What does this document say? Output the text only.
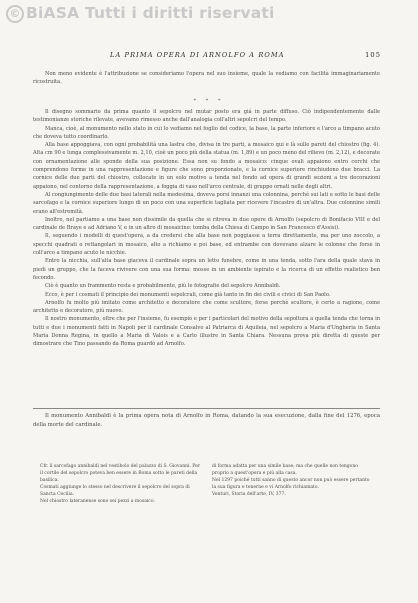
© BiASA Tutti i diritti riservati
LA PRIMA OPERA DI ARNOLFO A ROMA	105

Non meno evidente è l'attribuzione se consideriamo l'opera nel suo insieme, quale la vediamo con facilità immaginariamente ricostruita.

* * *

Il disegno sommario da prima quanto il sepolcro nel mutar posto era giá in parte diffuso. Ciò indipendentemente dalle testimonianze storiche rilevate, avevamo rimesso anche dall'analogia coll'altri sepolcri del tempo.

Manca, cioè, al monumento nello stato in cui lo vediamo nel foglio del codice, la base, la parte inferiore e l'arco a timpano acuto che doveva tutto coordinarlo.

Alla base appoggiava, con ogni probabilità una lastra che, divisa in tre parti, a mosaico qui e là sulle pareti del chiostro (fig. 4). Alta cm 90 e lunga complessivamente m. 2,10, cioè un poco più della statua (m. 1,89) e un poco meno del rilievo (m. 2,12), e decorate con ornamentazione alle sponde della sua posizione. Essa non su fondo a mosaico: cinque ovali appaiono entro cerchi che comprendono forme in una rappresentazione e figure che sono proporzionate, e la cornice superiore rinchiudono due bracci. La cornice delle due parti del chiostro, collocate in un solo motivo a tenda nel fondo ad opera di grandi sezioni a tre decorazioni appaiono, nel contorno della rappresentazione, a foggia di vaso nell'arco centrale, di gruppo ornati nelle degli altri.

Al congiungimento delle due basi laterali nella medesima, doveva porsi innanzi una colonnina, perchè sui lati e sotto le basi delle sarcofago e la cornice superiore lungo di un poco con una superficie tagliata per ricevere l'incastro di un'altra. Due colonnine simili erano all'estremità.

Inoltre, nel partiamo a una base non dissimile da quella che si ritrova in due opere di Arnolfo (sepolcro di Bonifacio VIII e del cardinale de Braye e ad Adriano V, e in un altro di mosaicino: tomba della Chiesa di Campo in San Francesco d'Assisi).

Il, seguendo i modelli di quest'opera, a da credersi che alla base non poggiasse a terra direttamente, ma per uno zoccolo, a specchi quadrati o rettangolari in mosaico, alto a richiamo e poi base, ed entrambe con dovevano alzare le colonne che forse in coll'arco a timpano acuto le nicchie.

Entro la nicchia, sull'alta base giaceva il cardinale sopra un letto funebre, come in una tenda, sotto l'ara della quale stava in piedi un gruppo, che la faceva rivivere con una sua forma: mosse in un ambiente ispirato e la ricerca di un effetto realistico ben fecondo.

Ciò è quanto un frammento resta e probabilmente, più le fotografie del sepolcro Annibaldi.

Ecco, è per i cosmati il principio dei monumenti sepolcrali, come già tanto in fin dei civili e civici di San Paolo.

Arnolfo fu molto più imitato come architetto e decoratore che come scultore, forse perchè scultore, è certo a ragione, come architetto e decoratore, più nuovo.

Il nostro monumento, oltre che per l'insieme, fu esempio e per i particolari del motivo della sepoltura a quella tenda che torna in tutti e due i monumenti fatti in Napoli per il cardinale Consalvo al Patriarca di Aquileia, nel sepolcro a Maria d'Ungheria in Santa Maria Donna Regina, in quello a Maria di Valois e a Carlo illustre in Santa Chiara. Nessuna prova più diretta di queste per dimostrare che Tino passando da Roma guardò ad Arnolfo.

Il monumento Annibaldi è la prima opera nota di Arnolfo in Roma, datando la sua esecuzione, dalla fine del 1276, epoca della morte del cardinale.

Cfr. il sarcofago annibaldi nel vestibolo del palazzo di S. Giovanni. Per il cortile del sepolcro poteva ben essere in Roma sotto le pareti della basilica.
Cosmati aggiunge lo stesso nel descrivere il sepolcro del sopra di Sancta Cecilia.
Nel chiostro lateranense sono sei pezzi a mosaico.
di forma adatta per una simile base; ma che quelle non tengono proprio a quest'opera e più alla casa.
Nel 1297 poiché tutti sanno di questo ancor non può essere pertanto la sua figura e tenerne e vi Arnolfo richiamato.
Venturi, Storia dell'arte, IV, 377.
